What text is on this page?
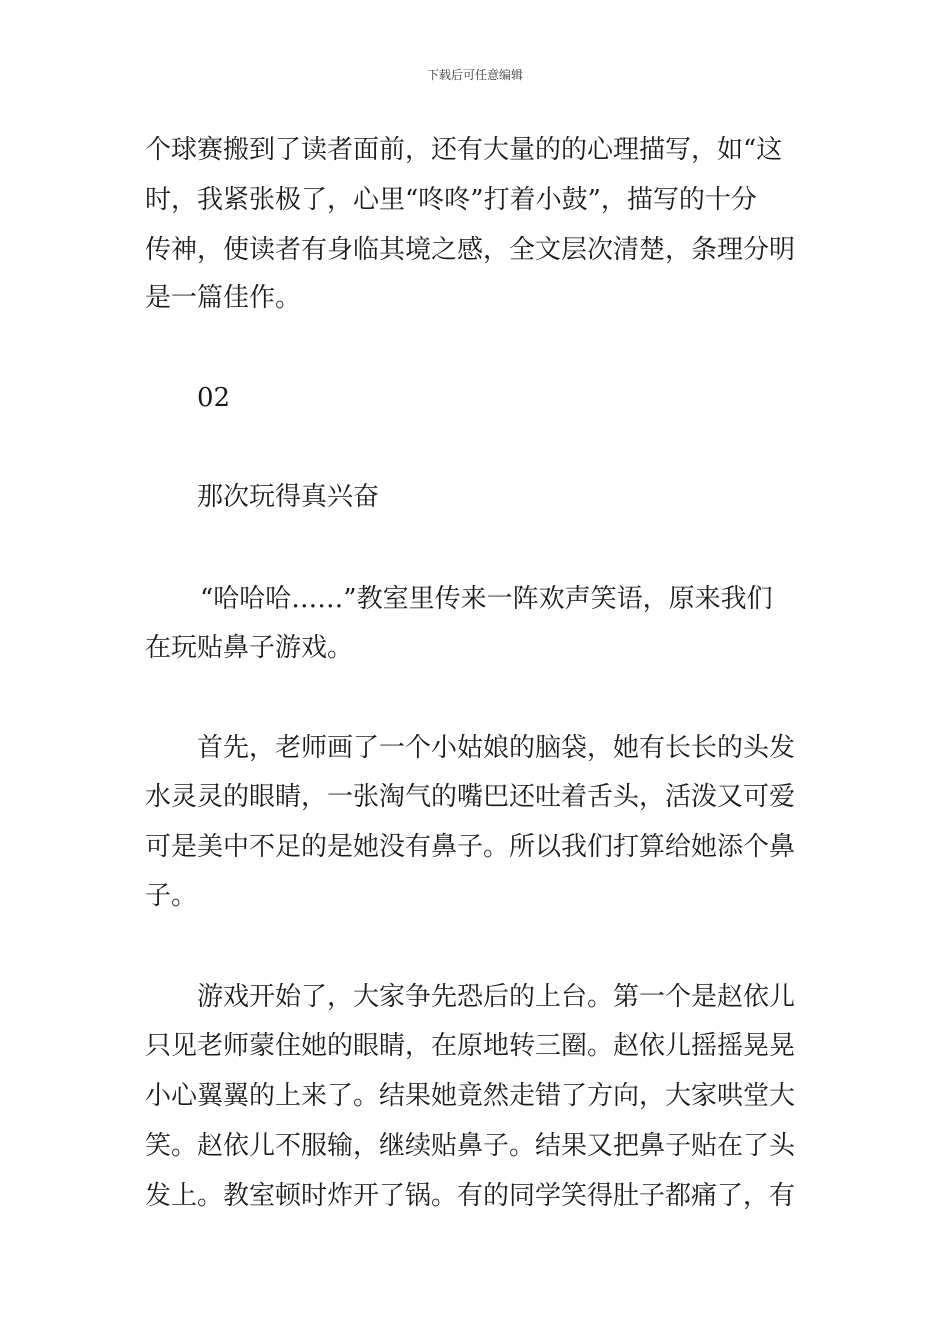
下载后可任意编辑
个球赛搬到了读者面前，还有大量的的心理描写，如“这
时，我紧张极了，心里“咚咚”打着小鼓”，描写的十分
传神，使读者有身临其境之感，全文层次清楚，条理分明
是一篇佳作。
02
那次玩得真兴奋
“哈哈哈……”教室里传来一阵欢声笑语，原来我们
在玩贴鼻子游戏。
首先，老师画了一个小姑娘的脑袋，她有长长的头发
水灵灵的眼睛，一张淘气的嘴巴还吐着舌头，活泼又可爱
可是美中不足的是她没有鼻子。所以我们打算给她添个鼻
子。
游戏开始了，大家争先恐后的上台。第一个是赵依儿
只见老师蒙住她的眼睛，在原地转三圈。赵依儿摇摇晃晃
小心翼翼的上来了。结果她竟然走错了方向，大家哄堂大
笑。赵依儿不服输，继续贴鼻子。结果又把鼻子贴在了头
发上。教室顿时炸开了锅。有的同学笑得肚子都痛了，有
